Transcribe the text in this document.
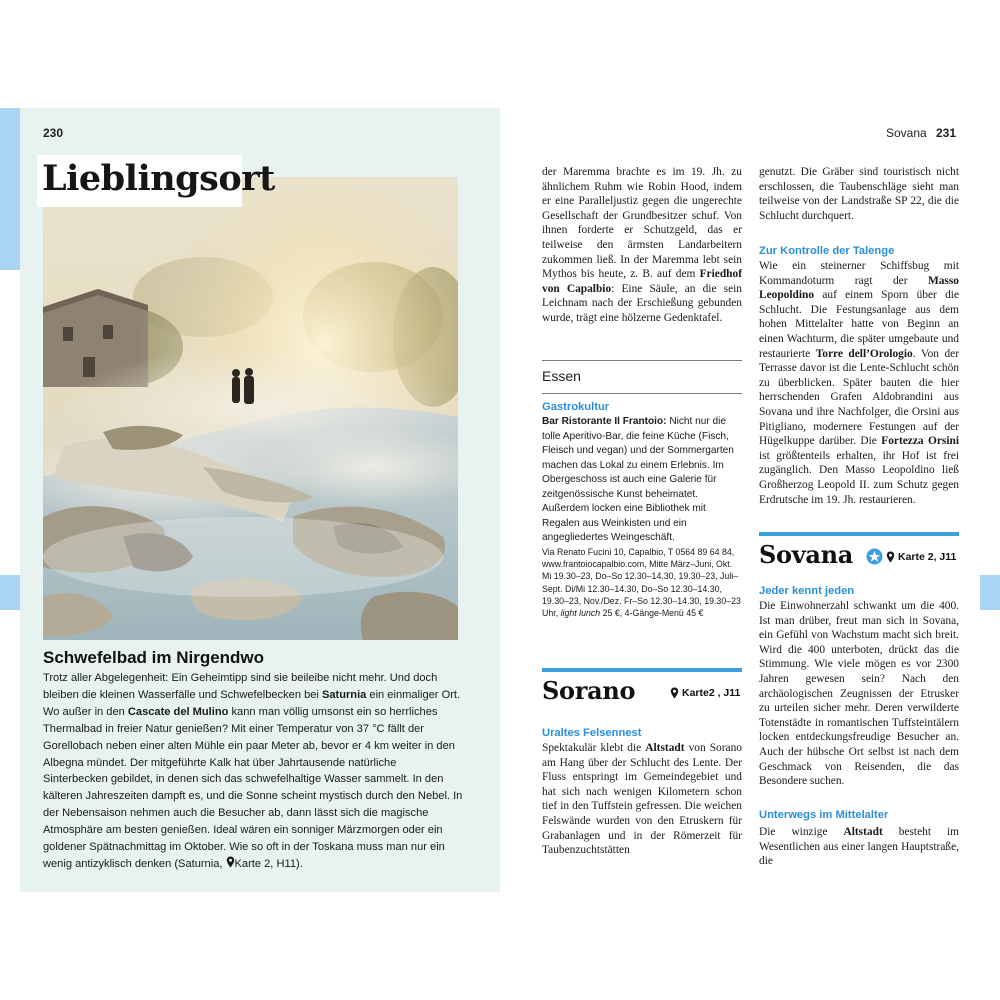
230
Lieblingsort
Schwefelbad im Nirgendwo
Trotz aller Abgelegenheit: Ein Geheimtipp sind sie beileibe nicht mehr. Und doch bleiben die kleinen Wasserfälle und Schwefelbecken bei Saturnia ein einmaliger Ort. Wo außer in den Cascate del Mulino kann man völlig umsonst ein so herrliches Thermalbad in freier Natur genießen? Mit einer Temperatur von 37 °C fällt der Gorellobach neben einer alten Mühle ein paar Meter ab, bevor er 4 km weiter in den Albegna mündet. Der mitgeführte Kalk hat über Jahrtausende natürliche Sinterbecken gebildet, in denen sich das schwefelhaltige Wasser sammelt. In den kälteren Jahreszeiten dampft es, und die Sonne scheint mystisch durch den Nebel. In der Nebensaison nehmen auch die Besucher ab, dann lässt sich die magische Atmosphäre am besten genießen. Ideal wären ein sonniger Märzmorgen oder ein goldener Spätnachmittag im Oktober. Wie so oft in der Toskana muss man nur ein wenig antizyklisch denken (Saturnia, Karte 2, H11).
Sovana 231
der Maremma brachte es im 19. Jh. zu ähnlichem Ruhm wie Robin Hood, indem er eine Paralleljustiz gegen die ungerechte Gesellschaft der Grundbesitzer schuf. Von ihnen forderte er Schutzgeld, das er teilweise den ärmsten Landarbeitern zukommen ließ. In der Maremma lebt sein Mythos bis heute, z. B. auf dem Friedhof von Capalbio: Eine Säule, an die sein Leichnam nach der Erschießung gebunden wurde, trägt eine hölzerne Gedenktafel.
Essen
Gastrokultur
Bar Ristorante Il Frantoio: Nicht nur die tolle Aperitivo-Bar, die feine Küche (Fisch, Fleisch und vegan) und der Sommergarten machen das Lokal zu einem Erlebnis. Im Obergeschoss ist auch eine Galerie für zeitgenössische Kunst beheimatet. Außerdem locken eine Bibliothek mit Regalen aus Weinkisten und ein angegliedertes Weingeschäft.
Via Renato Fucini 10, Capalbio, T 0564 89 64 84, www.frantoiocapalbio.com, Mitte März–Juni, Okt. Mi 19.30–23, Do–So 12.30–14.30, 19.30–23, Juli–Sept. Di/Mi 12.30–14.30, Do–So 12.30–14.30, 19.30–23, Nov./Dez. Fr–So 12.30–14.30, 19.30–23 Uhr, light lunch 25 €, 4-Gänge-Menü 45 €
Sorano	Karte2 , J11
Uraltes Felsennest
Spektakulär klebt die Altstadt von Sorano am Hang über der Schlucht des Lente. Der Fluss entspringt im Gemeindegebiet und hat sich nach wenigen Kilometern schon tief in den Tuffstein gefressen. Die weichen Felswände wurden von den Etruskern für Grabanlagen und in der Römerzeit für Taubenzuchtstätten
genutzt. Die Gräber sind touristisch nicht erschlossen, die Taubenschläge sieht man teilweise von der Landstraße SP 22, die die Schlucht durchquert.
Zur Kontrolle der Talenge
Wie ein steinerner Schiffsbug mit Kommandoturm ragt der Masso Leopoldino auf einem Sporn über die Schlucht. Die Festungsanlage aus dem hohen Mittelalter hatte von Beginn an einen Wachturm, die später umgebaute und restaurierte Torre dell’Orologio. Von der Terrasse davor ist die Lente-Schlucht schön zu überblicken. Später bauten die hier herrschenden Grafen Aldobrandini aus Sovana und ihre Nachfolger, die Orsini aus Pitigliano, modernere Festungen auf der Hügelkuppe darüber. Die Fortezza Orsini ist größtenteils erhalten, ihr Hof ist frei zugänglich. Den Masso Leopoldino ließ Großherzog Leopold II. zum Schutz gegen Erdrutsche im 19. Jh. restaurieren.
Sovana	Karte 2, J11
Jeder kennt jeden
Die Einwohnerzahl schwankt um die 400. Ist man drüber, freut man sich in Sovana, ein Gefühl von Wachstum macht sich breit. Wird die 400 unterboten, drückt das die Stimmung. Wie viele mögen es vor 2300 Jahren gewesen sein? Nach den archäologischen Zeugnissen der Etrusker zu urteilen sicher mehr. Deren verwilderte Totenstädte in romantischen Tuffsteintälern locken entdeckungsfreudige Besucher an. Auch der hübsche Ort selbst ist nach dem Geschmack von Reisenden, die das Besondere suchen.
Unterwegs im Mittelalter
Die winzige Altstadt besteht im Wesentlichen aus einer langen Hauptstraße, die
